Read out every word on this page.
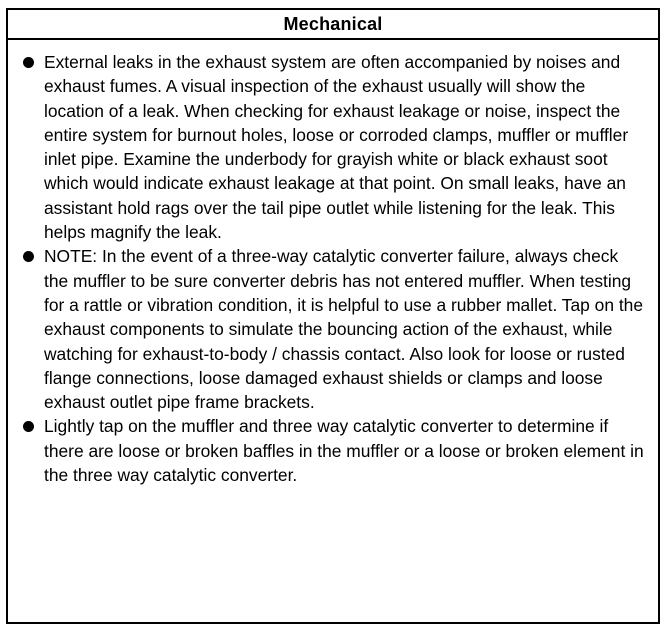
Mechanical

External leaks in the exhaust system are often accompanied by noises and exhaust fumes. A visual inspection of the exhaust usually will show the location of a leak. When checking for exhaust leakage or noise, inspect the entire system for burnout holes, loose or corroded clamps, muffler or muffler inlet pipe. Examine the underbody for grayish white or black exhaust soot which would indicate exhaust leakage at that point. On small leaks, have an assistant hold rags over the tail pipe outlet while listening for the leak. This helps magnify the leak.

NOTE: In the event of a three-way catalytic converter failure, always check the muffler to be sure converter debris has not entered muffler. When testing for a rattle or vibration condition, it is helpful to use a rubber mallet. Tap on the exhaust components to simulate the bouncing action of the exhaust, while watching for exhaust-to-body / chassis contact. Also look for loose or rusted flange connections, loose damaged exhaust shields or clamps and loose exhaust outlet pipe frame brackets.

Lightly tap on the muffler and three way catalytic converter to determine if there are loose or broken baffles in the muffler or a loose or broken element in the three way catalytic converter.
